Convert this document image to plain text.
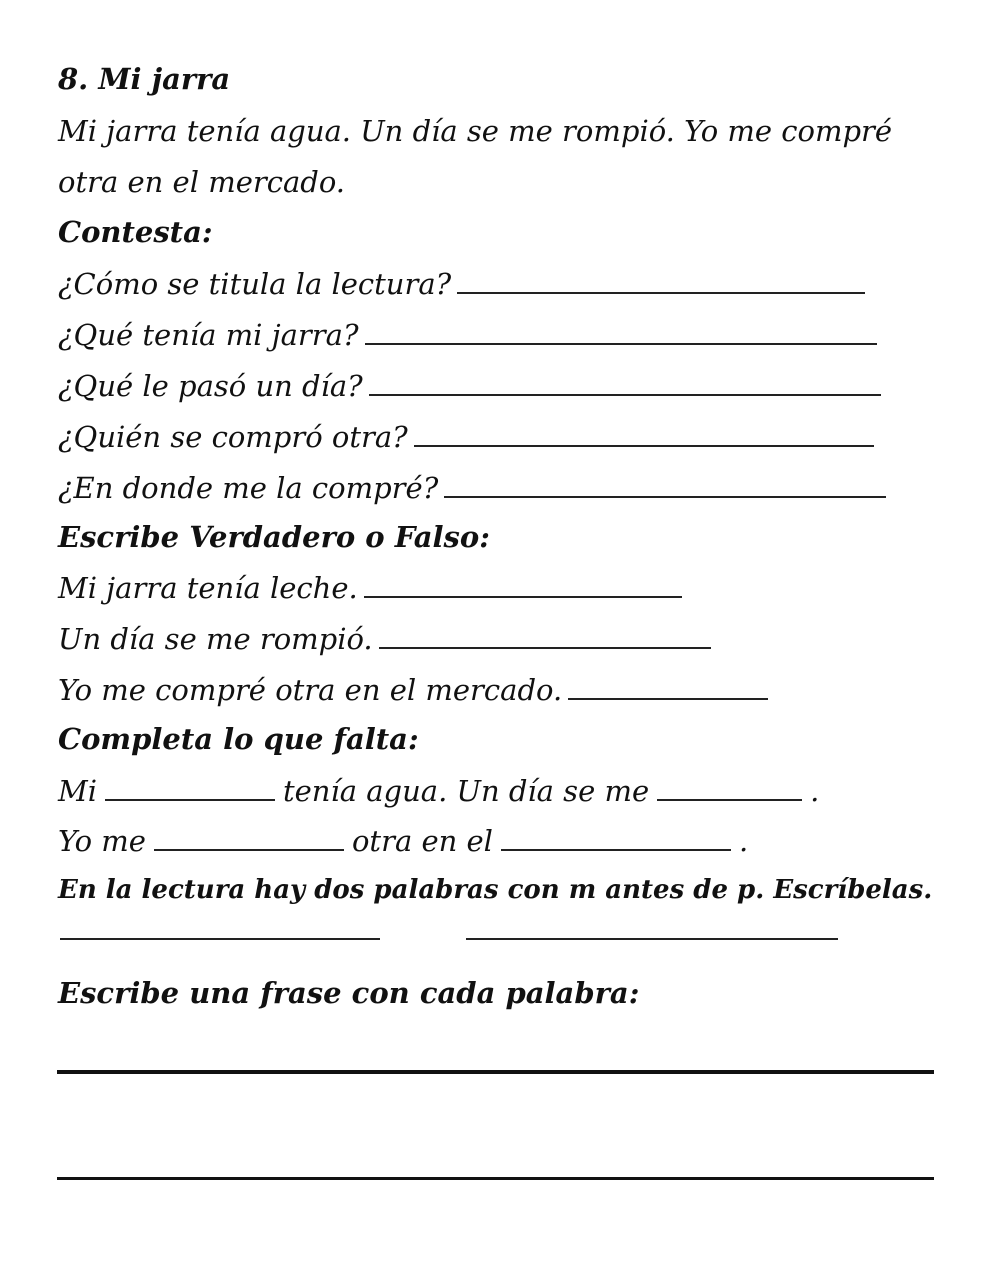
8. Mi jarra
Mi jarra tenía agua. Un día se me rompió. Yo me compré
otra en el mercado.
Contesta:
¿Cómo se titula la lectura?
¿Qué tenía mi jarra?
¿Qué le pasó un día?
¿Quién se compró otra?
¿En donde me la compré?
Escribe Verdadero o Falso:
Mi jarra tenía leche.
Un día se me rompió.
Yo me compré otra en el mercado.
Completa lo que falta:
Mi	tenía agua. Un día se me	.
Yo me	otra en el	.
En la lectura hay dos palabras con m antes de p. Escríbelas.
Escribe una frase con cada palabra:
